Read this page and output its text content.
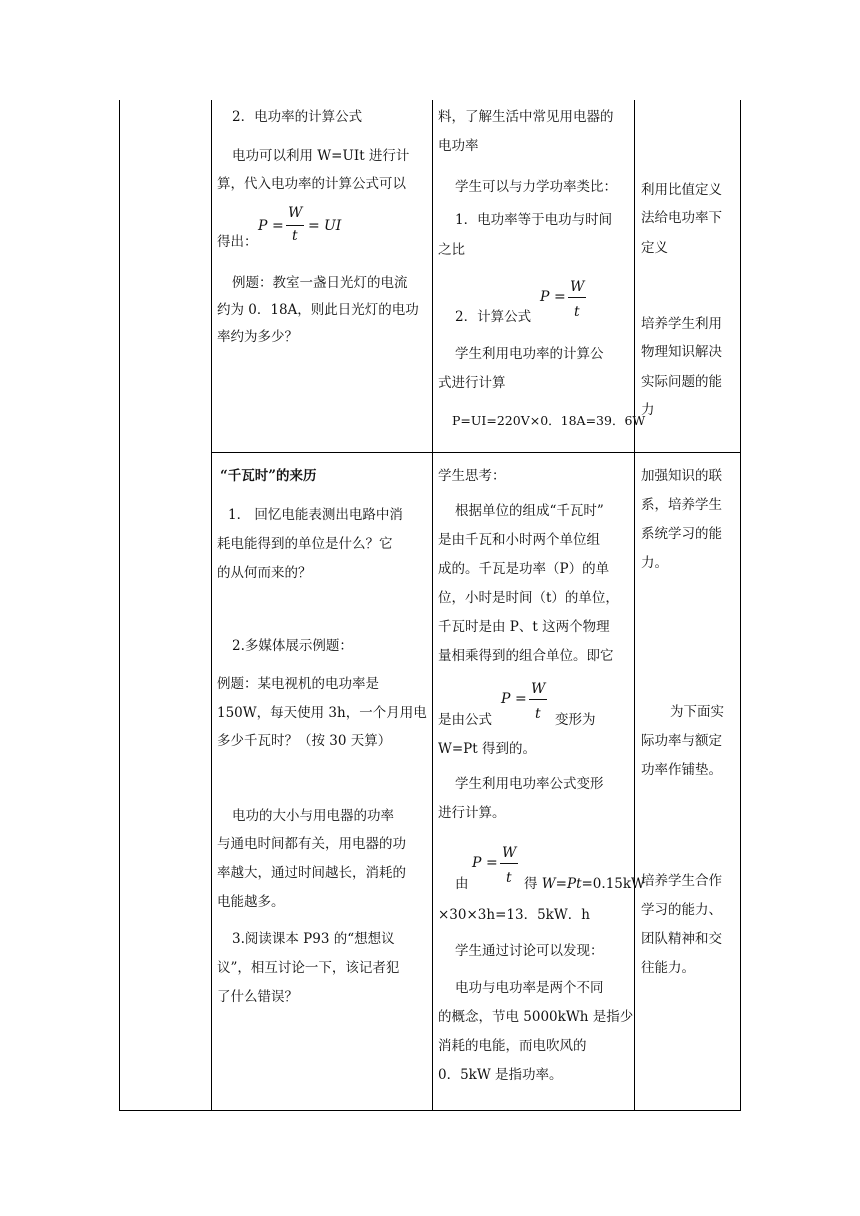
2．电功率的计算公式
电功可以利用 W=UIt 进行计
算，代入电功率的计算公式可以
P =
W
t
= UI
得出：
例题：教室一盏日光灯的电流
约为 0．18A，则此日光灯的电功
率约为多少？
料，了解生活中常见用电器的
电功率
学生可以与力学功率类比：
1．电功率等于电功与时间
之比
2．计算公式
P =
W
t
学生利用电功率的计算公
式进行计算
P=UI=220V×0．18A=39．6W
利用比值定义
法给电功率下
定义
培养学生利用
物理知识解决
实际问题的能
力
“千瓦时”的来历
1． 回忆电能表测出电路中消
耗电能得到的单位是什么？它
的从何而来的？
2.多媒体展示例题：
例题：某电视机的电功率是
150W，每天使用 3h，一个月用电
多少千瓦时？（按 30 天算）
电功的大小与用电器的功率
与通电时间都有关，用电器的功
率越大，通过时间越长，消耗的
电能越多。
3.阅读课本 P93 的“想想议
议”，相互讨论一下，该记者犯
了什么错误？
学生思考：
根据单位的组成“千瓦时”
是由千瓦和小时两个单位组
成的。千瓦是功率（P）的单
位，小时是时间（t）的单位，
千瓦时是由 P、t 这两个物理
量相乘得到的组合单位。即它
是由公式
P =
W
t 变形为
W=Pt 得到的。
学生利用电功率公式变形
进行计算。
由
P =
W
t 得 W=Pt=0.15kW
×30×3h=13．5kW．h
学生通过讨论可以发现：
电功与电功率是两个不同
的概念，节电 5000kWh 是指少
消耗的电能，而电吹风的
0．5kW 是指功率。
加强知识的联
系，培养学生
系统学习的能
力。
为下面实
际功率与额定
功率作铺垫。
培养学生合作
学习的能力、
团队精神和交
往能力。
